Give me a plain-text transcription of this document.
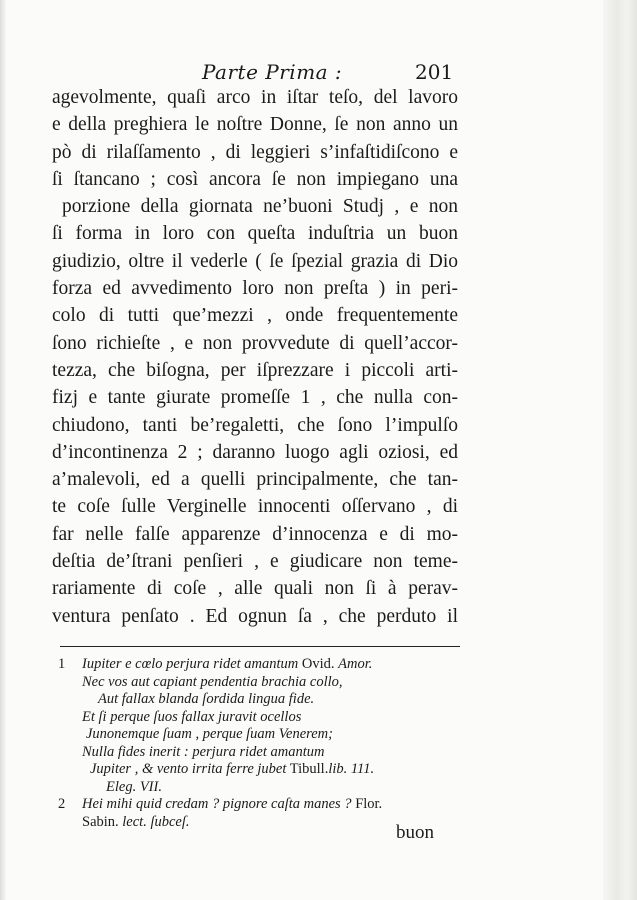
Parte Prima :	201
agevolmente, quaſi arco in iſtar teſo, del lavoro
e della preghiera le noſtre Donne, ſe non anno un
pò di rilaſſamento , di leggieri s’infaſtidiſcono e
ſi ſtancano ; così ancora ſe non impiegano una
porzione della giornata ne’buoni Studj , e non
ſi forma in loro con queſta induſtria un buon
giudizio, oltre il vederle ( ſe ſpezial grazia di Dio
forza ed avvedimento loro non preſta ) in peri-
colo di tutti que’mezzi , onde frequentemente
ſono richieſte , e non provvedute di quell’accor-
tezza, che biſogna, per iſprezzare i piccoli arti-
fizj e tante giurate promeſſe 1 , che nulla con-
chiudono, tanti be’regaletti, che ſono l’impulſo
d’incontinenza 2 ; daranno luogo agli oziosi, ed
a’malevoli, ed a quelli principalmente, che tan-
te coſe ſulle Verginelle innocenti oſſervano , di
far nelle falſe apparenze d’innocenza e di mo-
deſtia de’ſtrani penſieri , e giudicare non teme-
rariamente di coſe , alle quali non ſi à perav-
ventura penſato . Ed ognun ſa , che perduto il
1 Iupiter e cœlo perjura ridet amantum Ovid. Amor.
Nec vos aut capiant pendentia brachia collo,
Aut fallax blanda ſordida lingua fide.
Et ſi perque ſuos fallax juravit ocellos
Junonemque ſuam , perque ſuam Venerem;
Nulla fides inerit : perjura ridet amantum
Jupiter , & vento irrita ferre jubet Tibull.lib. 111.
Eleg. VII.
2 Hei mihi quid credam ? pignore caſta manes ? Flor.
Sabin. lect. ſubceſ.
buon
